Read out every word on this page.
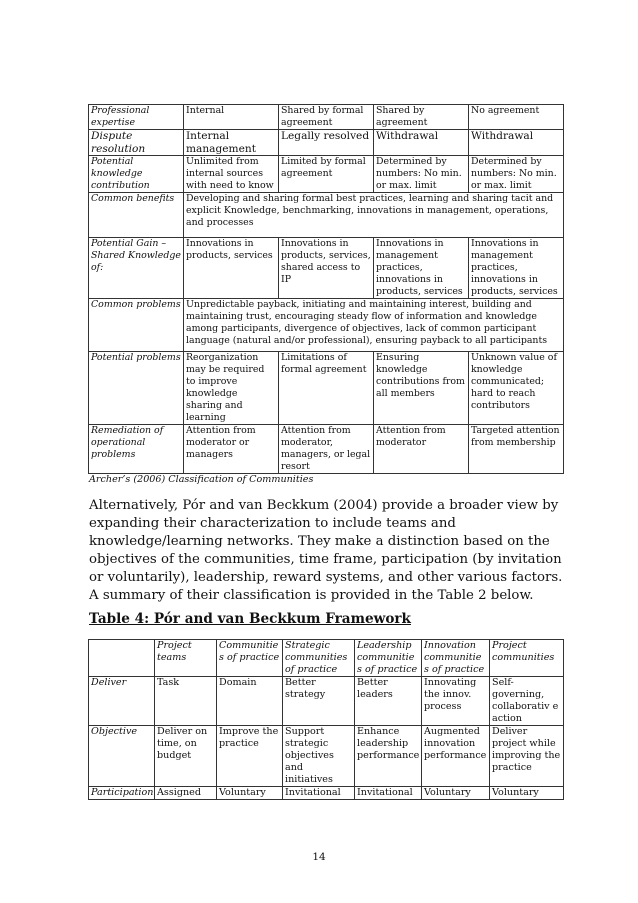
Professional expertise	Internal	Shared by formal agreement	Shared by agreement	No agreement
Dispute resolution	Internal management	Legally resolved	Withdrawal	Withdrawal
Potential knowledge contribution	Unlimited from internal sources with need to know	Limited by formal agreement	Determined by numbers: No min. or max. limit	Determined by numbers: No min. or max. limit
Common benefits	Developing and sharing formal best practices, learning and sharing tacit and explicit Knowledge, benchmarking, innovations in management, operations, and processes			
Potential Gain – Shared Knowledge of:	Innovations in products, services	Innovations in products, services, shared access to IP	Innovations in management practices, innovations in products, services	Innovations in management practices, innovations in products, services
Common problems	Unpredictable payback, initiating and maintaining interest, building and maintaining trust, encouraging steady flow of information and knowledge among participants, divergence of objectives, lack of common participant language (natural and/or professional), ensuring payback to all participants			
Potential problems	Reorganization may be required to improve knowledge sharing and learning	Limitations of formal agreement	Ensuring knowledge contributions from all members	Unknown value of knowledge communicated; hard to reach contributors
Remediation of operational problems	Attention from moderator or managers	Attention from moderator, managers, or legal resort	Attention from moderator	Targeted attention from membership
Archer’s (2006) Classification of Communities
Alternatively, Pór and van Beckkum (2004) provide a broader view by expanding their characterization to include teams and knowledge/learning networks. They make a distinction based on the objectives of the communities, time frame, participation (by invitation or voluntarily), leadership, reward systems, and other various factors. A summary of their classification is provided in the Table 2 below.
Table 4: Pór and van Beckkum Framework
	Project teams	Communitie s of practice	Strategic communities of practice	Leadership communitie s of practice	Innovation communitie s of practice	Project communities
Deliver	Task	Domain	Better strategy	Better leaders	Innovating the innov. process	Self-governing, collaborativ e action
Objective	Deliver on time, on budget	Improve the practice	Support strategic objectives and initiatives	Enhance leadership performance	Augmented innovation performance	Deliver project while improving the practice
Participation	Assigned	Voluntary	Invitational	Invitational	Voluntary	Voluntary
14
